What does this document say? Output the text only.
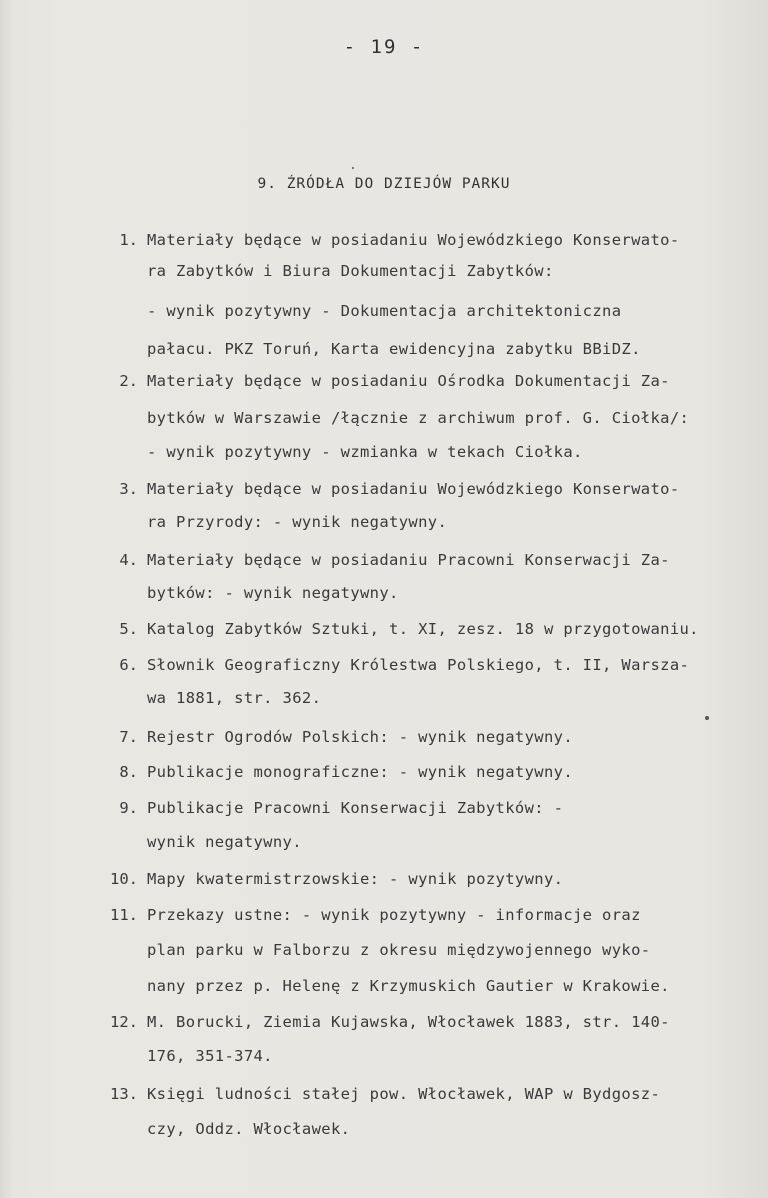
- 19 -
9. ŹRÓDŁA DO DZIEJÓW PARKU
1. Materiały będące w posiadaniu Wojewódzkiego Konserwato-
ra Zabytków i Biura Dokumentacji Zabytków:
- wynik pozytywny - Dokumentacja architektoniczna
pałacu. PKZ Toruń, Karta ewidencyjna zabytku BBiDZ.
2. Materiały będące w posiadaniu Ośrodka Dokumentacji Za-
bytków w Warszawie /łącznie z archiwum prof. G. Ciołka/:
- wynik pozytywny - wzmianka w tekach Ciołka.
3. Materiały będące w posiadaniu Wojewódzkiego Konserwato-
ra Przyrody: - wynik negatywny.
4. Materiały będące w posiadaniu Pracowni Konserwacji Za-
bytków: - wynik negatywny.
5. Katalog Zabytków Sztuki, t. XI, zesz. 18 w przygotowaniu.
6. Słownik Geograficzny Królestwa Polskiego, t. II, Warsza-
wa 1881, str. 362.
7. Rejestr Ogrodów Polskich: - wynik negatywny.
8. Publikacje monograficzne: - wynik negatywny.
9. Publikacje Pracowni Konserwacji Zabytków: -
wynik negatywny.
10. Mapy kwatermistrzowskie: - wynik pozytywny.
11. Przekazy ustne: - wynik pozytywny - informacje oraz
plan parku w Falborzu z okresu międzywojennego wyko-
nany przez p. Helenę z Krzymuskich Gautier w Krakowie.
12. M. Borucki, Ziemia Kujawska, Włocławek 1883, str. 140-
176, 351-374.
13. Księgi ludności stałej pow. Włocławek, WAP w Bydgosz-
czy, Oddz. Włocławek.
